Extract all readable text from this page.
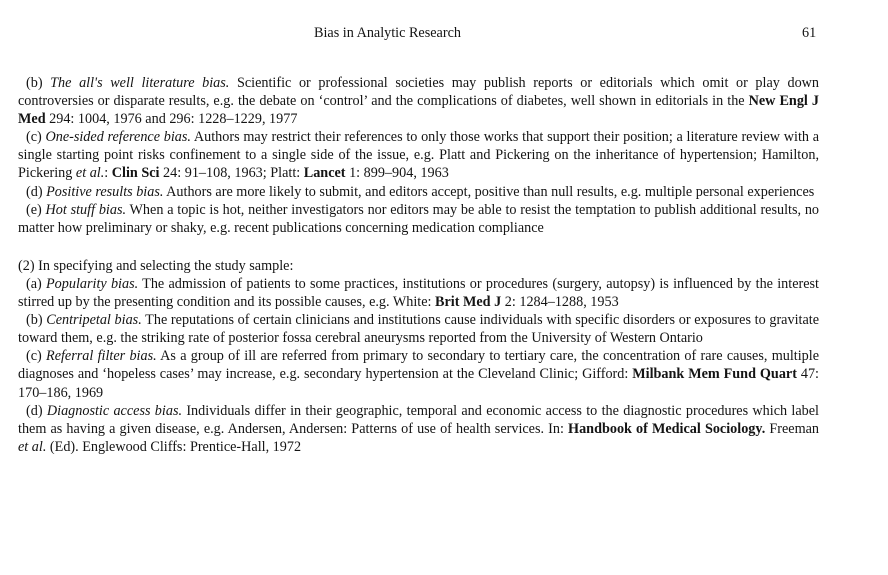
Bias in Analytic Research	61

(b) The all's well literature bias. Scientific or professional societies may publish reports or editorials which omit or play down controversies or disparate results, e.g. the debate on ‘control’ and the complications of diabetes, well shown in editorials in the New Engl J Med 294: 1004, 1976 and 296: 1228–1229, 1977

(c) One-sided reference bias. Authors may restrict their references to only those works that support their position; a literature review with a single starting point risks confinement to a single side of the issue, e.g. Platt and Pickering on the inheritance of hypertension; Hamilton, Pickering et al.: Clin Sci 24: 91–108, 1963; Platt: Lancet 1: 899–904, 1963

(d) Positive results bias. Authors are more likely to submit, and editors accept, positive than null results, e.g. multiple personal experiences

(e) Hot stuff bias. When a topic is hot, neither investigators nor editors may be able to resist the temptation to publish additional results, no matter how preliminary or shaky, e.g. recent publications concerning medication compliance

(2) In specifying and selecting the study sample:

(a) Popularity bias. The admission of patients to some practices, institutions or procedures (surgery, autopsy) is influenced by the interest stirred up by the presenting condition and its possible causes, e.g. White: Brit Med J 2: 1284–1288, 1953

(b) Centripetal bias. The reputations of certain clinicians and institutions cause individuals with specific disorders or exposures to gravitate toward them, e.g. the striking rate of posterior fossa cerebral aneurysms reported from the University of Western Ontario

(c) Referral filter bias. As a group of ill are referred from primary to secondary to tertiary care, the concentration of rare causes, multiple diagnoses and ‘hopeless cases’ may increase, e.g. secondary hypertension at the Cleveland Clinic; Gifford: Milbank Mem Fund Quart 47: 170–186, 1969

(d) Diagnostic access bias. Individuals differ in their geographic, temporal and economic access to the diagnostic procedures which label them as having a given disease, e.g. Andersen, Andersen: Patterns of use of health services. In: Handbook of Medical Sociology. Freeman et al. (Ed). Englewood Cliffs: Prentice-Hall, 1972
